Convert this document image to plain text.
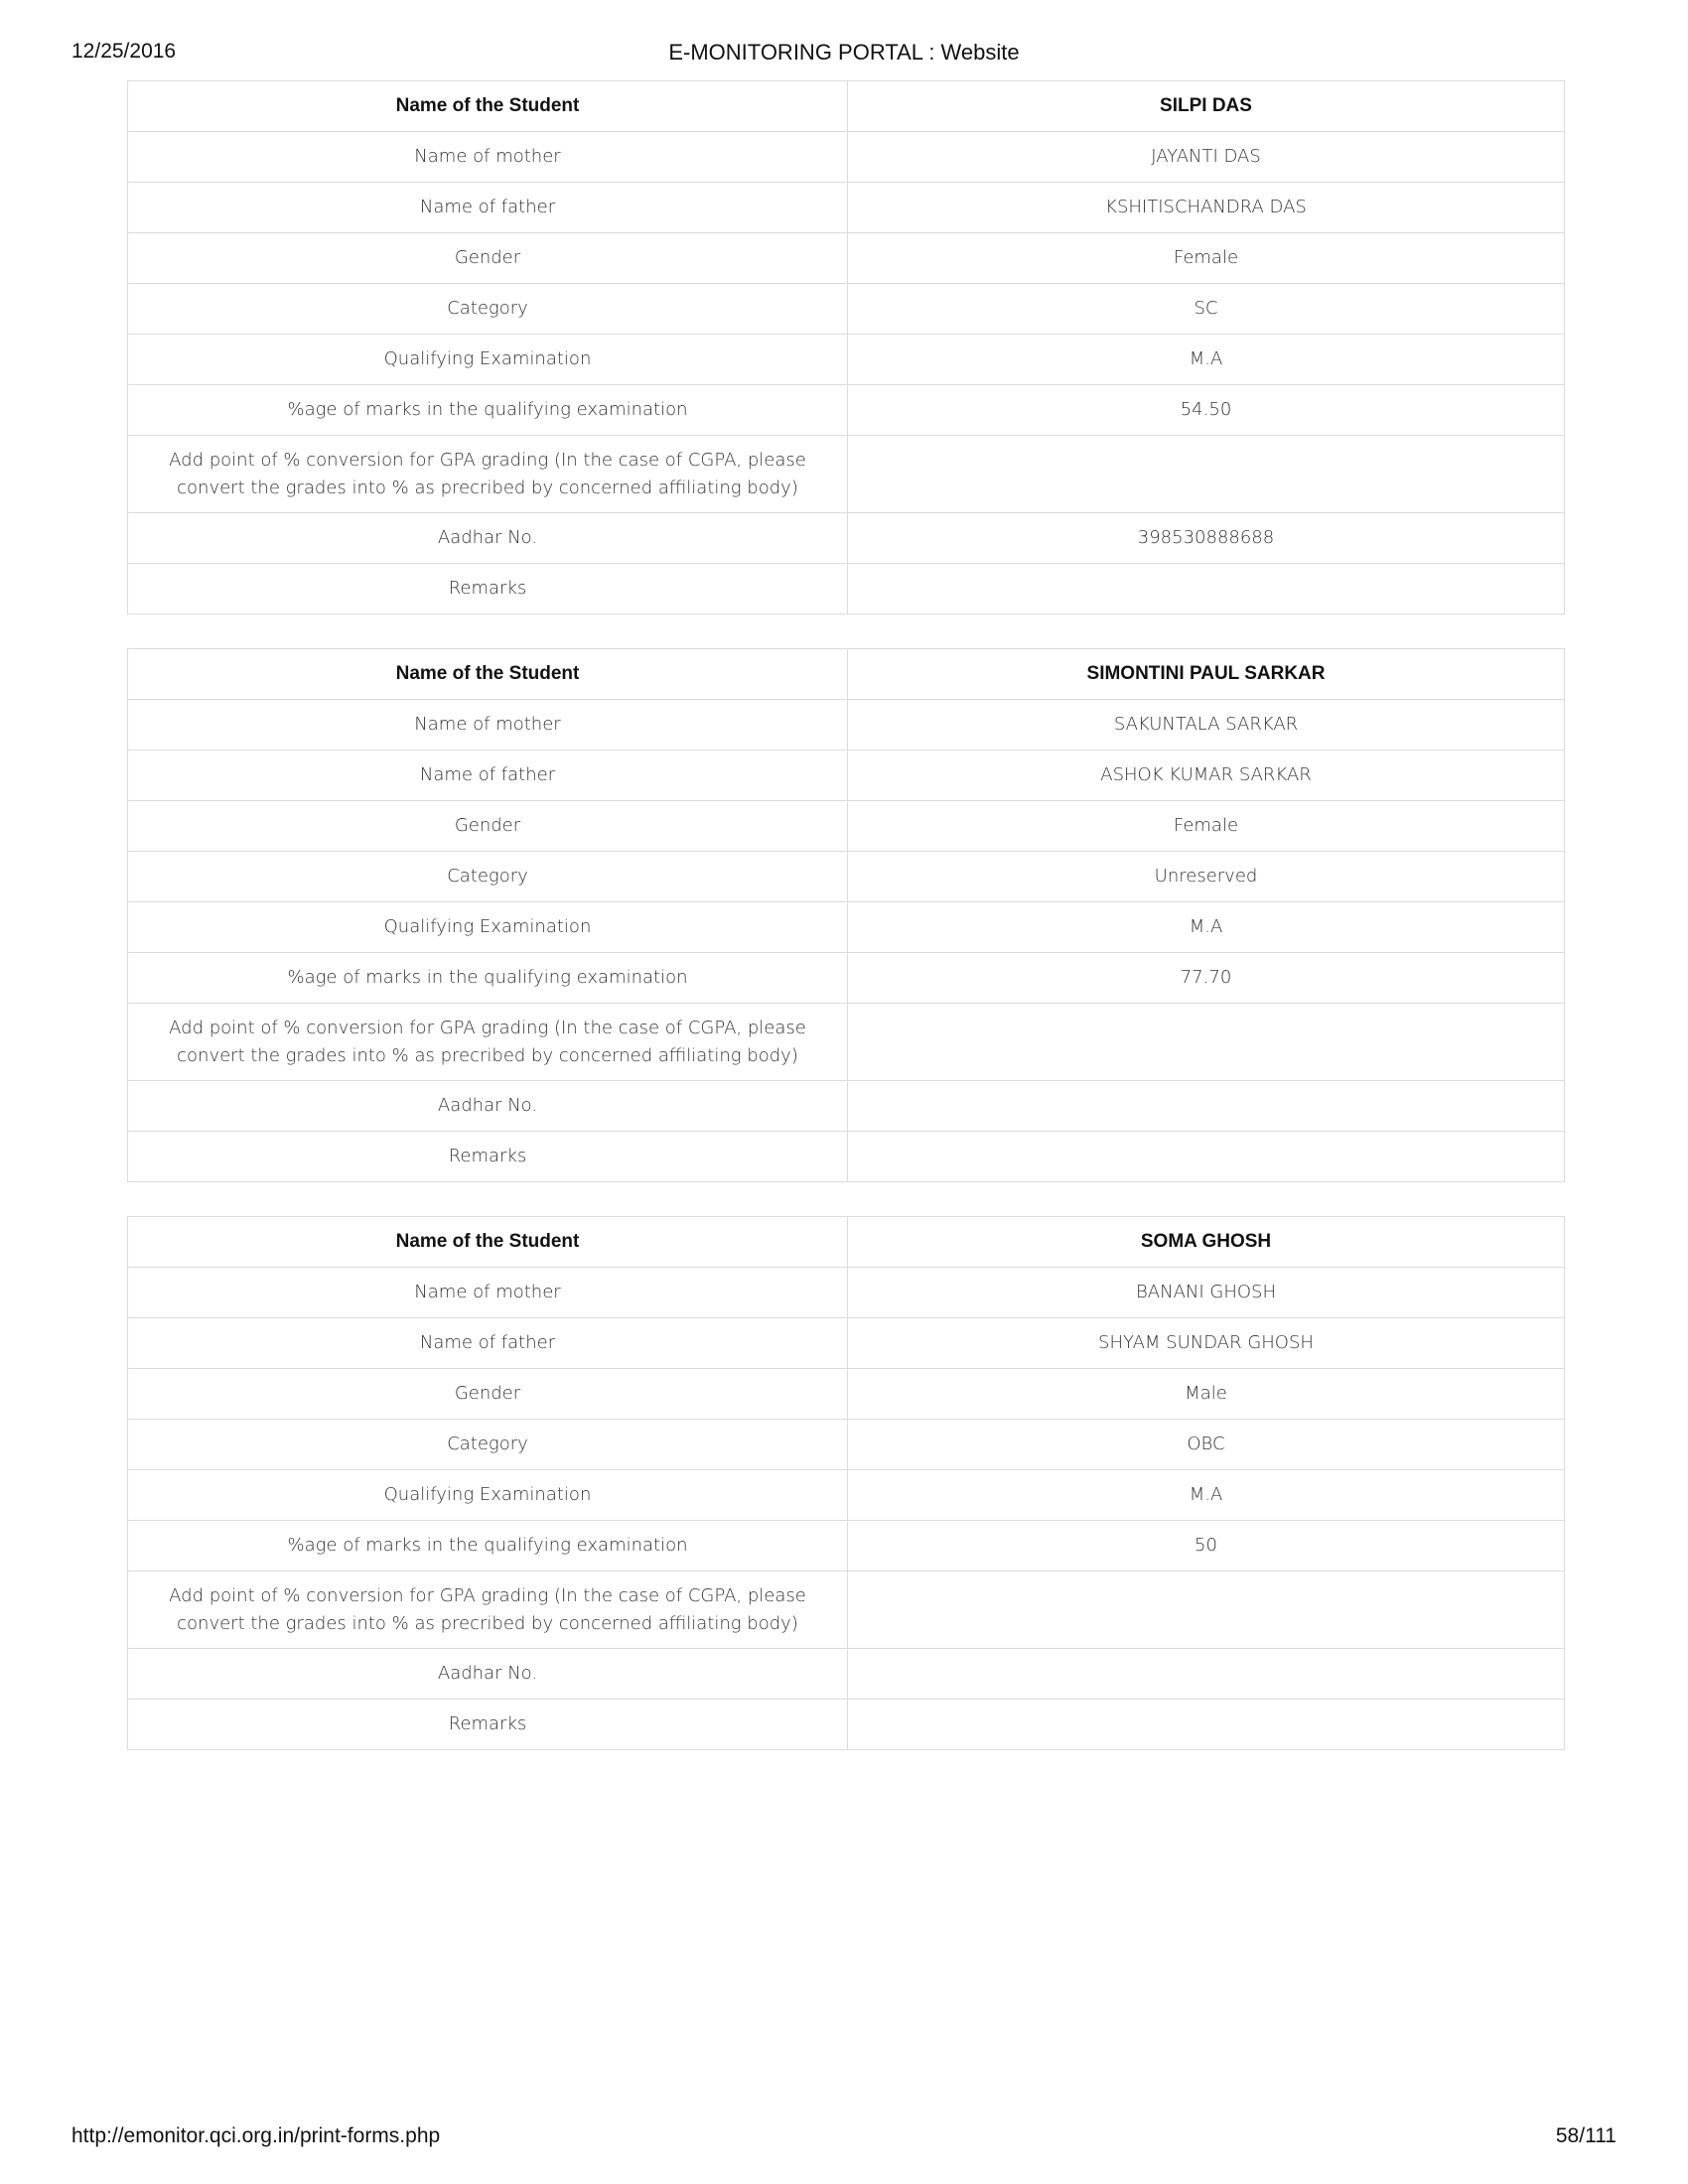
12/25/2016	E-MONITORING PORTAL : Website
Name of the Student	SILPI DAS
Name of mother	JAYANTI DAS
Name of father	KSHITISCHANDRA DAS
Gender	Female
Category	SC
Qualifying Examination	M.A
%age of marks in the qualifying examination	54.50
Add point of % conversion for GPA grading (In the case of CGPA, please convert the grades into % as precribed by concerned affiliating body)	
Aadhar No.	398530888688
Remarks	
Name of the Student	SIMONTINI PAUL SARKAR
Name of mother	SAKUNTALA SARKAR
Name of father	ASHOK KUMAR SARKAR
Gender	Female
Category	Unreserved
Qualifying Examination	M.A
%age of marks in the qualifying examination	77.70
Add point of % conversion for GPA grading (In the case of CGPA, please convert the grades into % as precribed by concerned affiliating body)	
Aadhar No.	
Remarks	
Name of the Student	SOMA GHOSH
Name of mother	BANANI GHOSH
Name of father	SHYAM SUNDAR GHOSH
Gender	Male
Category	OBC
Qualifying Examination	M.A
%age of marks in the qualifying examination	50
Add point of % conversion for GPA grading (In the case of CGPA, please convert the grades into % as precribed by concerned affiliating body)	
Aadhar No.	
Remarks	
http://emonitor.qci.org.in/print-forms.php	58/111
